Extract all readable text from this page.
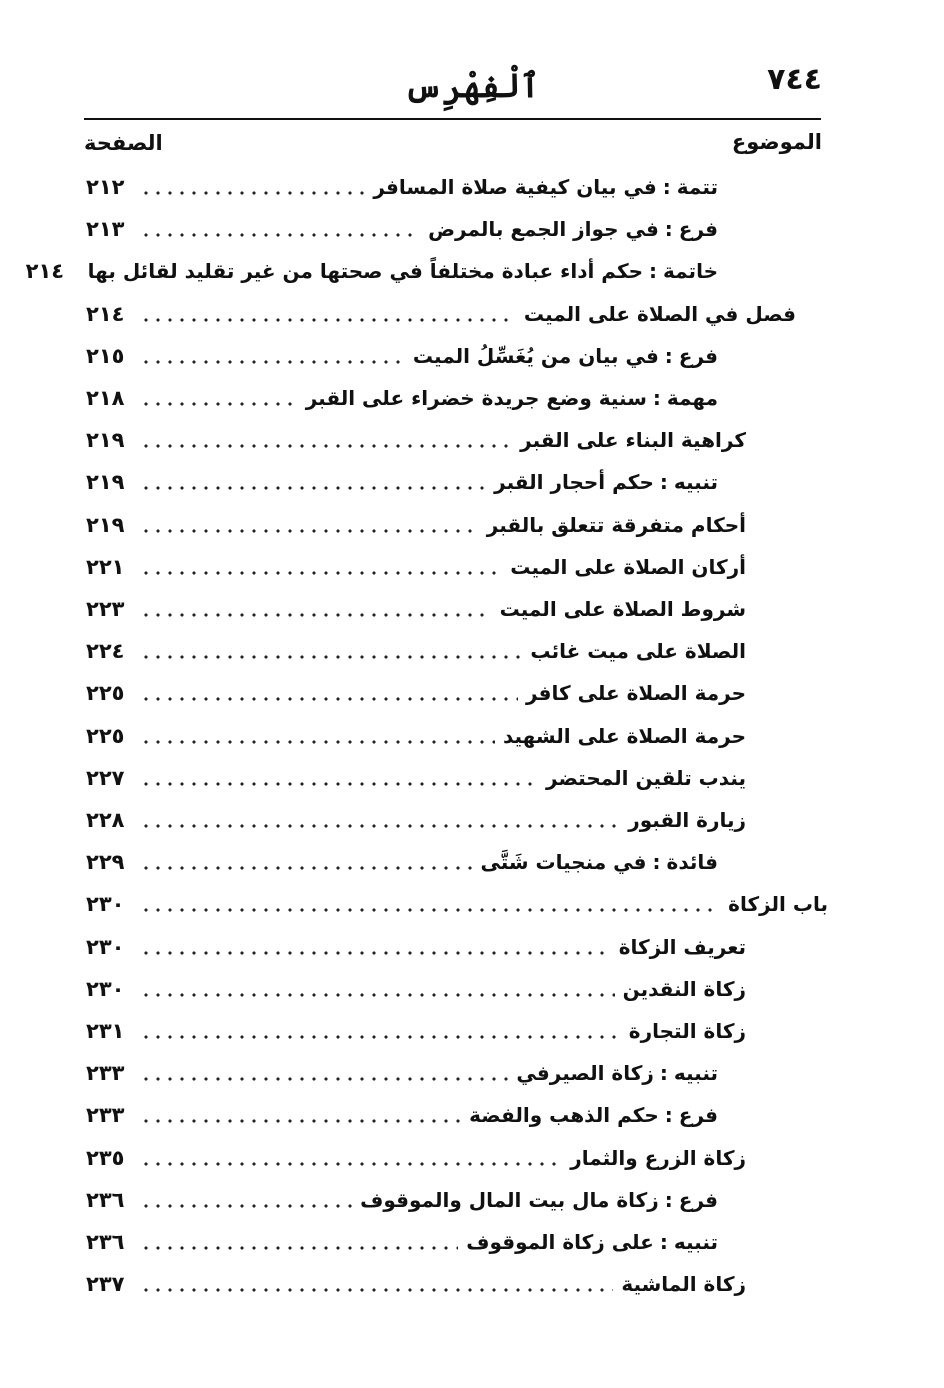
٧٤٤
ٱلْفِهْرِس
الموضوع
الصفحة
تتمة
:
في بيان كيفية صلاة المسافر
٢١٢
فرع
:
في جواز الجمع بالمرض
٢١٣
خاتمة
:
حكم أداء عبادة مختلفاً في صحتها من غير تقليد لقائل بها
٢١٤
فصل في الصلاة على الميت
٢١٤
فرع
:
في بيان من يُغَسِّلُ الميت
٢١٥
مهمة
:
سنية وضع جريدة خضراء على القبر
٢١٨
كراهية البناء على القبر
٢١٩
تنبيه
:
حكم أحجار القبر
٢١٩
أحكام متفرقة تتعلق بالقبر
٢١٩
أركان الصلاة على الميت
٢٢١
شروط الصلاة على الميت
٢٢٣
الصلاة على ميت غائب
٢٢٤
حرمة الصلاة على كافر
٢٢٥
حرمة الصلاة على الشهيد
٢٢٥
يندب تلقين المحتضر
٢٢٧
زيارة القبور
٢٢٨
فائدة
:
في منجيات شَتَّى
٢٢٩
باب الزكاة
٢٣٠
تعريف الزكاة
٢٣٠
زكاة النقدين
٢٣٠
زكاة التجارة
٢٣١
تنبيه
:
زكاة الصيرفي
٢٣٣
فرع
:
حكم الذهب والفضة
٢٣٣
زكاة الزرع والثمار
٢٣٥
فرع
:
زكاة مال بيت المال والموقوف
٢٣٦
تنبيه
:
على زكاة الموقوف
٢٣٦
زكاة الماشية
٢٣٧
